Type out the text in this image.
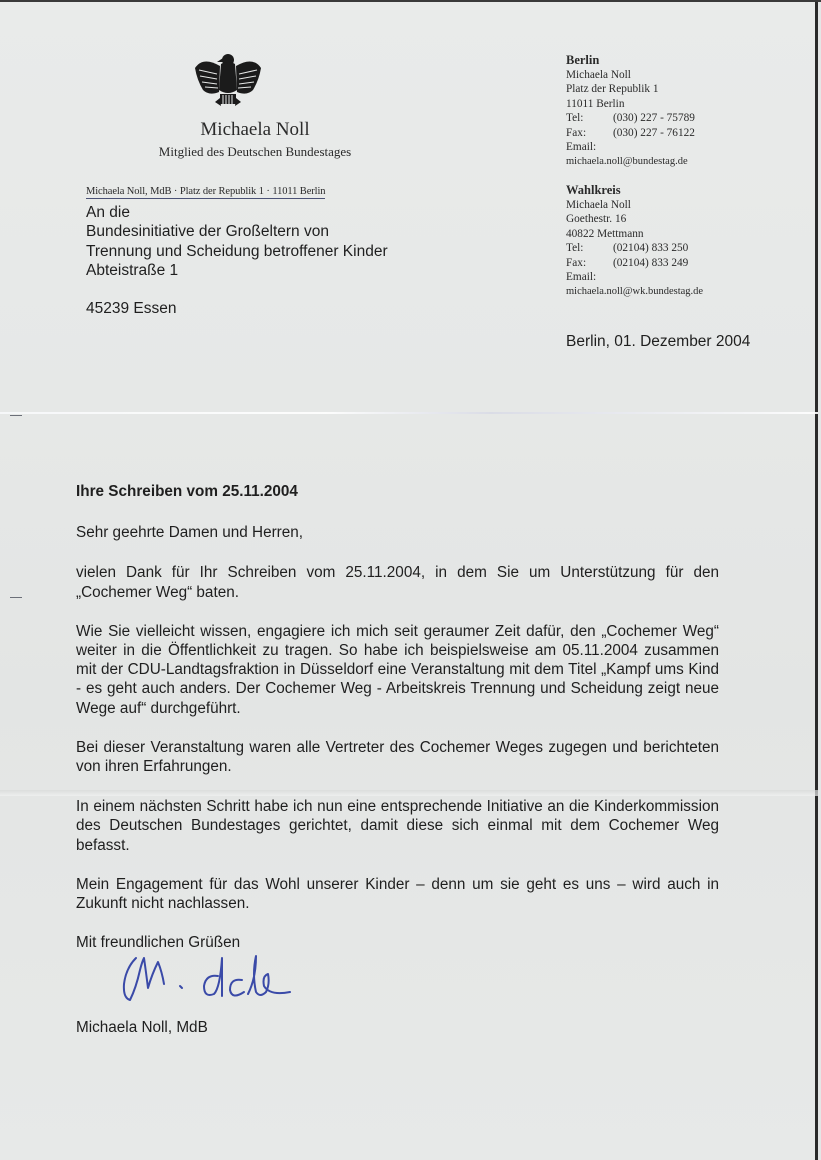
Michaela Noll
Mitglied des Deutschen Bundestages
Michaela Noll, MdB · Platz der Republik 1 · 11011 Berlin
An die
Bundesinitiative der Großeltern von
Trennung und Scheidung betroffener Kinder
Abteistraße 1
45239 Essen
Berlin
Michaela Noll
Platz der Republik 1
11011 Berlin
Tel:	(030) 227 - 75789
Fax:	(030) 227 - 76122
Email:
michaela.noll@bundestag.de
Wahlkreis
Michaela Noll
Goethestr. 16
40822 Mettmann
Tel:	(02104) 833 250
Fax:	(02104) 833 249
Email:
michaela.noll@wk.bundestag.de
Berlin, 01. Dezember 2004

Ihre Schreiben vom 25.11.2004

Sehr geehrte Damen und Herren,

vielen Dank für Ihr Schreiben vom 25.11.2004, in dem Sie um Unterstützung für den „Cochemer Weg“ baten.

Wie Sie vielleicht wissen, engagiere ich mich seit geraumer Zeit dafür, den „Cochemer Weg“ weiter in die Öffentlichkeit zu tragen. So habe ich beispielsweise am 05.11.2004 zusammen mit der CDU-Landtagsfraktion in Düsseldorf eine Veranstaltung mit dem Titel „Kampf ums Kind - es geht auch anders. Der Cochemer Weg - Arbeitskreis Trennung und Scheidung zeigt neue Wege auf“ durchgeführt.

Bei dieser Veranstaltung waren alle Vertreter des Cochemer Weges zugegen und berichteten von ihren Erfahrungen.

In einem nächsten Schritt habe ich nun eine entsprechende Initiative an die Kinderkommission des Deutschen Bundestages gerichtet, damit diese sich einmal mit dem Cochemer Weg befasst.

Mein Engagement für das Wohl unserer Kinder – denn um sie geht es uns – wird auch in Zukunft nicht nachlassen.

Mit freundlichen Grüßen

Michaela Noll, MdB
